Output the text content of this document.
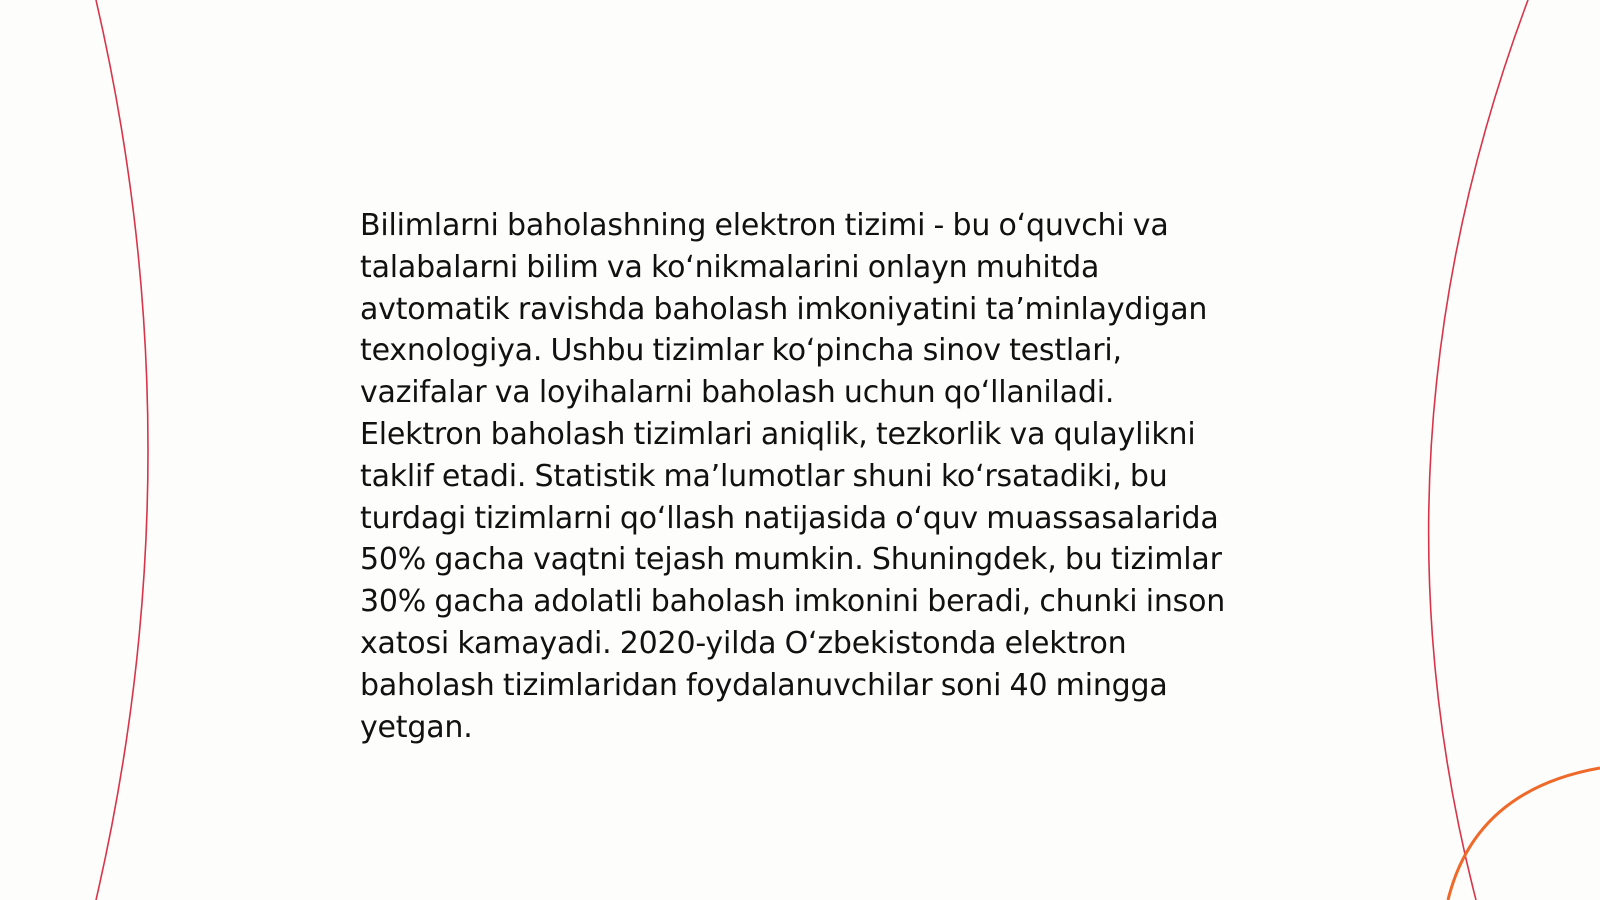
Bilimlarni baholashning elektron tizimi - bu o‘quvchi va talabalarni bilim va ko‘nikmalarini onlayn muhitda avtomatik ravishda baholash imkoniyatini ta’minlaydigan texnologiya. Ushbu tizimlar ko‘pincha sinov testlari, vazifalar va loyihalarni baholash uchun qo‘llaniladi. Elektron baholash tizimlari aniqlik, tezkorlik va qulaylikni taklif etadi. Statistik ma’lumotlar shuni ko‘rsatadiki, bu turdagi tizimlarni qo‘llash natijasida o‘quv muassasalarida 50% gacha vaqtni tejash mumkin. Shuningdek, bu tizimlar 30% gacha adolatli baholash imkonini beradi, chunki inson xatosi kamayadi. 2020-yilda O‘zbekistonda elektron baholash tizimlaridan foydalanuvchilar soni 40 mingga yetgan.
